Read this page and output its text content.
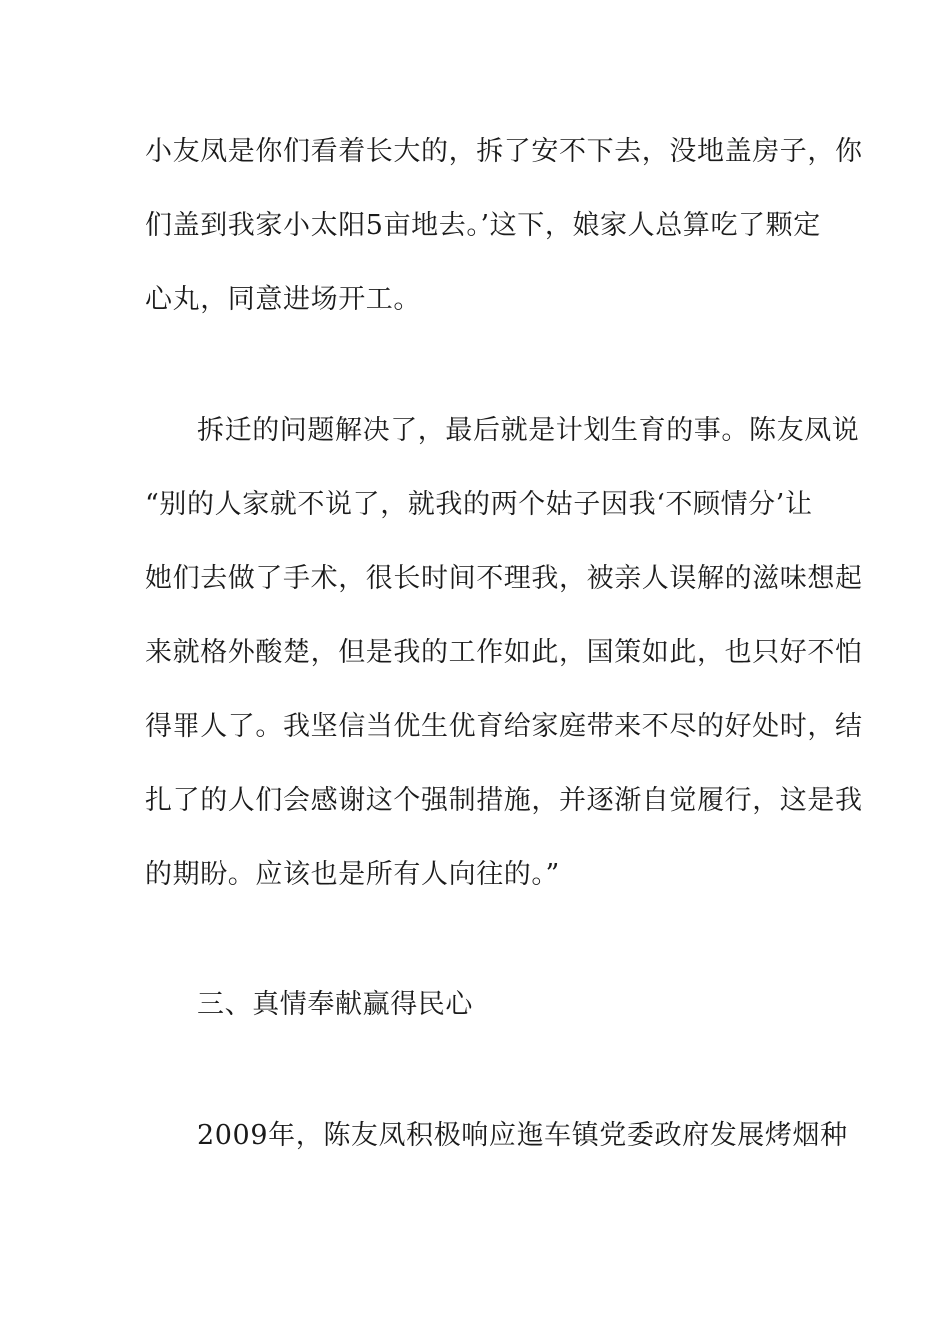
小友凤是你们看着长大的，拆了安不下去，没地盖房子，你
们盖到我家小太阳5亩地去。’这下，娘家人总算吃了颗定
心丸，同意进场开工。
拆迁的问题解决了，最后就是计划生育的事。陈友凤说
“别的人家就不说了，就我的两个姑子因我‘不顾情分’让
她们去做了手术，很长时间不理我，被亲人误解的滋味想起
来就格外酸楚，但是我的工作如此，国策如此，也只好不怕
得罪人了。我坚信当优生优育给家庭带来不尽的好处时，结
扎了的人们会感谢这个强制措施，并逐渐自觉履行，这是我
的期盼。应该也是所有人向往的。”
三、真情奉献赢得民心
2009年，陈友凤积极响应迤车镇党委政府发展烤烟种
